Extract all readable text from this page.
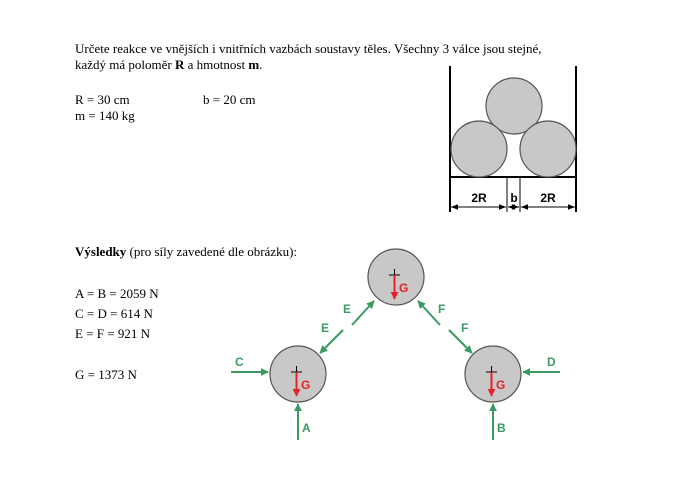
Určete reakce ve vnějších i vnitřních vazbách soustavy těles. Všechny 3 válce jsou stejné,
každý má poloměr R a hmotnost m.
R = 30 cm	b = 20 cm
m = 140 kg
Výsledky (pro síly zavedené dle obrázku):
A = B = 2059 N
C = D = 614 N
E = F = 921 N
G = 1373 N
2R b 2R
G
G	G
A	B
C	D
E
E
F
F
